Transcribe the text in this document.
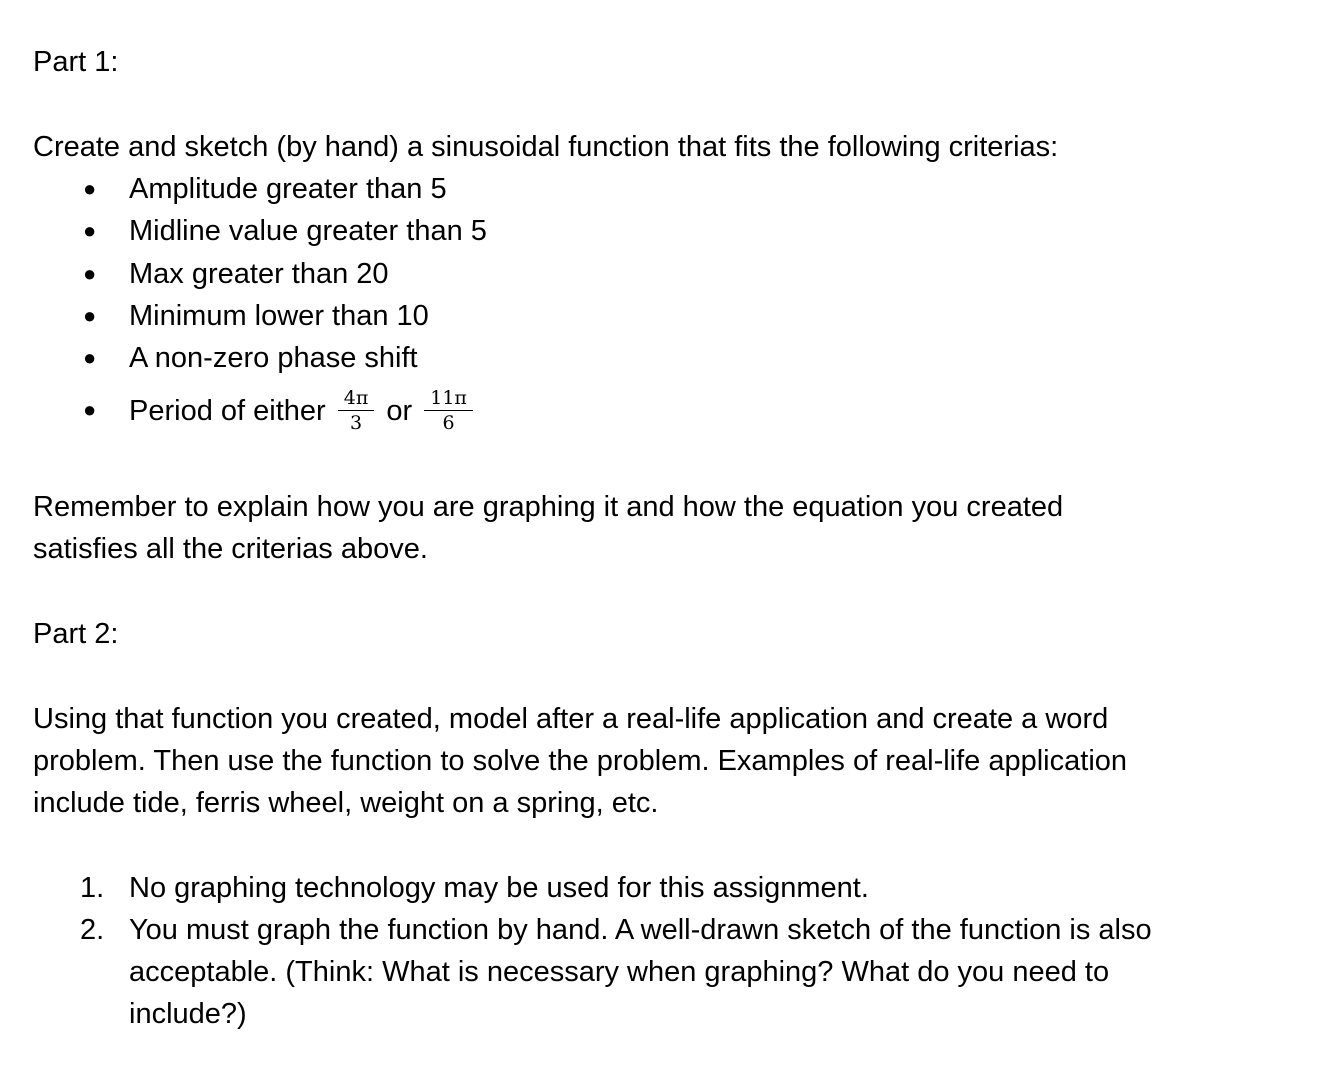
Part 1:
Create and sketch (by hand) a sinusoidal function that fits the following criterias:
● Amplitude greater than 5
● Midline value greater than 5
● Max greater than 20
● Minimum lower than 10
● A non-zero phase shift
● Period of either $\frac{4\pi}{3}$ or $\frac{11\pi}{6}$
Remember to explain how you are graphing it and how the equation you created
satisfies all the criterias above.
Part 2:
Using that function you created, model after a real-life application and create a word
problem. Then use the function to solve the problem. Examples of real-life application
include tide, ferris wheel, weight on a spring, etc.
1. No graphing technology may be used for this assignment.
2. You must graph the function by hand. A well-drawn sketch of the function is also
acceptable. (Think: What is necessary when graphing? What do you need to
include?)
